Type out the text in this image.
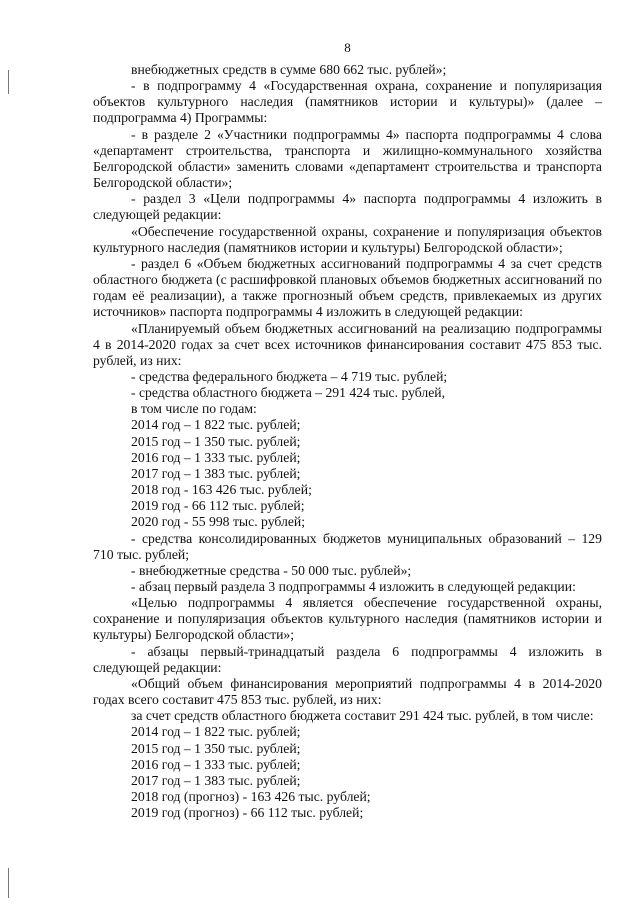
8

внебюджетных средств в сумме 680 662 тыс. рублей»;

- в подпрограмму 4 «Государственная охрана, сохранение и популяризация объектов культурного наследия (памятников истории и культуры)» (далее – подпрограмма 4) Программы:

- в разделе 2 «Участники подпрограммы 4» паспорта подпрограммы 4 слова «департамент строительства, транспорта и жилищно-коммунального хозяйства Белгородской области» заменить словами «департамент строительства и транспорта Белгородской области»;

- раздел 3 «Цели подпрограммы 4» паспорта подпрограммы 4 изложить в следующей редакции:

«Обеспечение государственной охраны, сохранение и популяризация объектов культурного наследия (памятников истории и культуры) Белгородской области»;

- раздел 6 «Объем бюджетных ассигнований подпрограммы 4 за счет средств областного бюджета (с расшифровкой плановых объемов бюджетных ассигнований по годам её реализации), а также прогнозный объем средств, привлекаемых из других источников» паспорта подпрограммы 4 изложить в следующей редакции:

«Планируемый объем бюджетных ассигнований на реализацию подпрограммы 4 в 2014-2020 годах за счет всех источников финансирования составит 475 853 тыс. рублей, из них:

- средства федерального бюджета – 4 719 тыс. рублей;

- средства областного бюджета – 291 424 тыс. рублей,

в том числе по годам:

2014 год – 1 822 тыс. рублей;

2015 год – 1 350 тыс. рублей;

2016 год – 1 333 тыс. рублей;

2017 год – 1 383 тыс. рублей;

2018 год - 163 426 тыс. рублей;

2019 год - 66 112 тыс. рублей;

2020 год - 55 998 тыс. рублей;

- средства консолидированных бюджетов муниципальных образований – 129 710 тыс. рублей;

- внебюджетные средства - 50 000 тыс. рублей»;

- абзац первый раздела 3 подпрограммы 4 изложить в следующей редакции:

«Целью подпрограммы 4 является обеспечение государственной охраны, сохранение и популяризация объектов культурного наследия (памятников истории и культуры) Белгородской области»;

- абзацы первый-тринадцатый раздела 6 подпрограммы 4 изложить в следующей редакции:

«Общий объем финансирования мероприятий подпрограммы 4 в 2014-2020 годах всего составит 475 853 тыс. рублей, из них:

за счет средств областного бюджета составит 291 424 тыс. рублей, в том числе:

2014 год – 1 822 тыс. рублей;

2015 год – 1 350 тыс. рублей;

2016 год – 1 333 тыс. рублей;

2017 год – 1 383 тыс. рублей;

2018 год (прогноз) - 163 426 тыс. рублей;

2019 год (прогноз) - 66 112 тыс. рублей;
